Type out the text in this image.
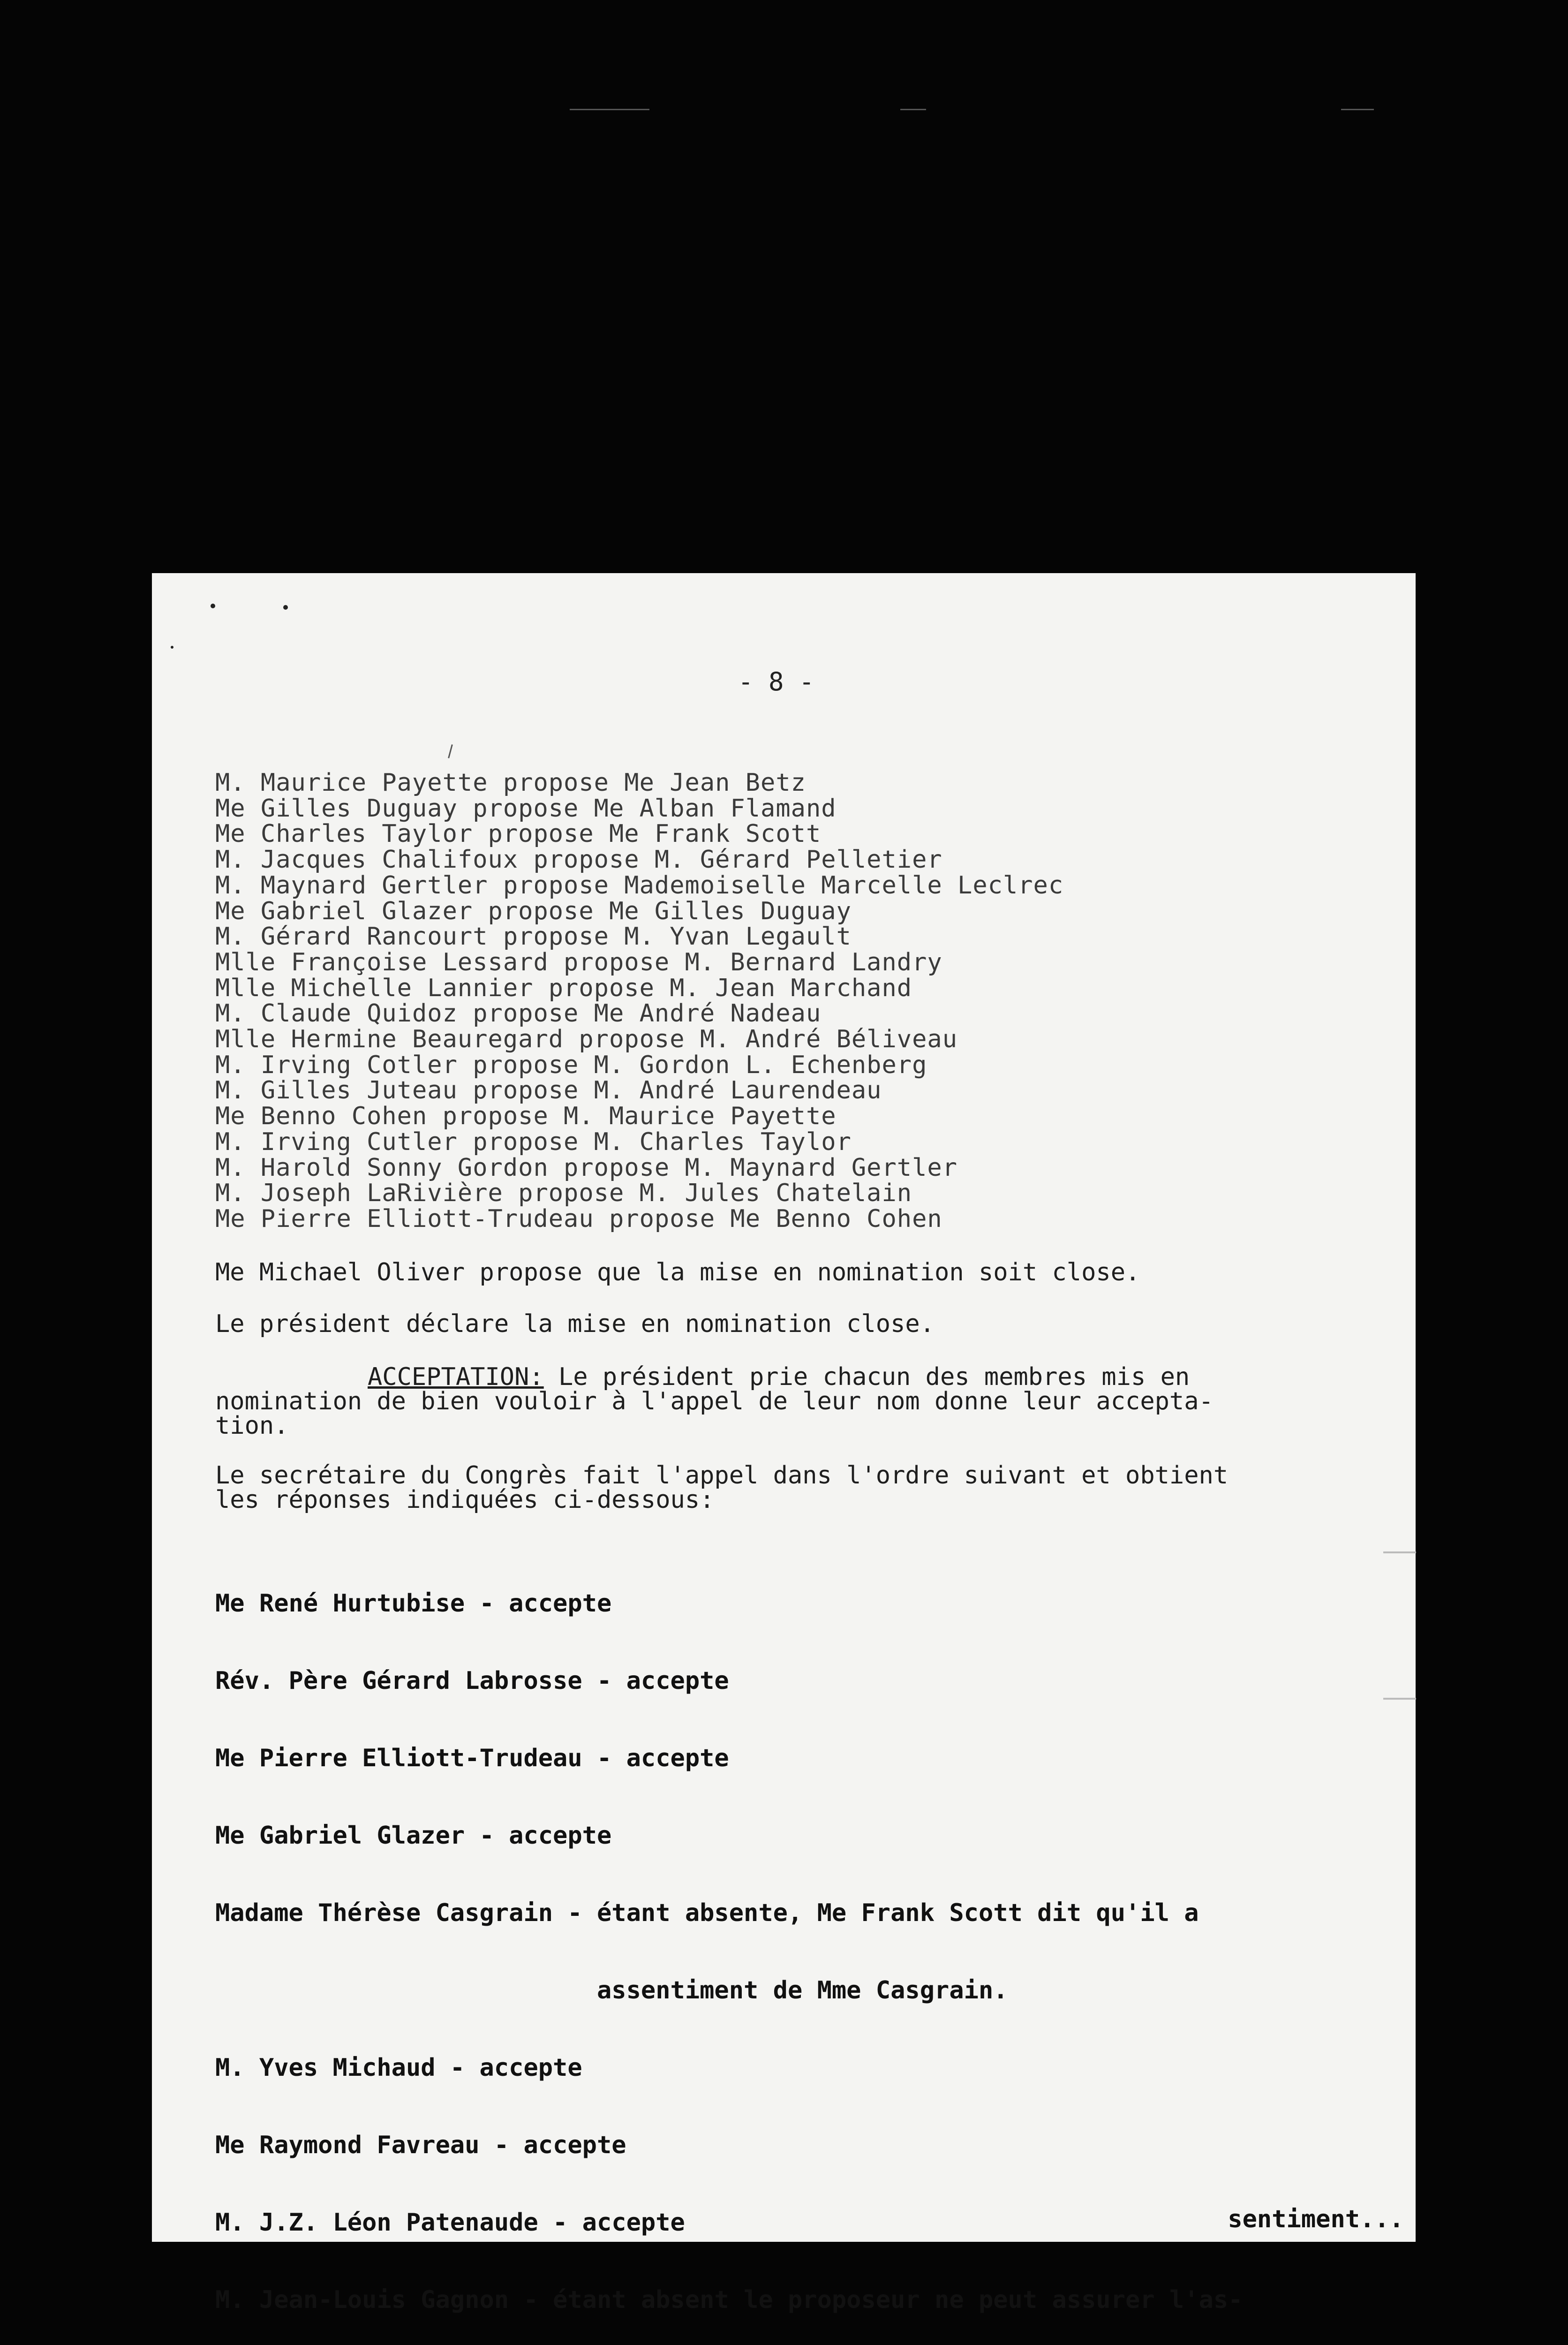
- 8 -
M. Maurice Payette propose Me Jean Betz
Me Gilles Duguay propose Me Alban Flamand
Me Charles Taylor propose Me Frank Scott
M. Jacques Chalifoux propose M. Gérard Pelletier
M. Maynard Gertler propose Mademoiselle Marcelle Leclrec
Me Gabriel Glazer propose Me Gilles Duguay
M. Gérard Rancourt propose M. Yvan Legault
Mlle Françoise Lessard propose M. Bernard Landry
Mlle Michelle Lannier propose M. Jean Marchand
M. Claude Quidoz propose Me André Nadeau
Mlle Hermine Beauregard propose M. André Béliveau
M. Irving Cotler propose M. Gordon L. Echenberg
M. Gilles Juteau propose M. André Laurendeau
Me Benno Cohen propose M. Maurice Payette
M. Irving Cutler propose M. Charles Taylor
M. Harold Sonny Gordon propose M. Maynard Gertler
M. Joseph LaRivière propose M. Jules Chatelain
Me Pierre Elliott-Trudeau propose Me Benno Cohen

Me Michael Oliver propose que la mise en nomination soit close.

Le président déclare la mise en nomination close.

ACCEPTATION: Le président prie chacun des membres mis en

nomination de bien vouloir à l'appel de leur nom donne leur accepta-

tion.

Le secrétaire du Congrès fait l'appel dans l'ordre suivant et obtient

les réponses indiquées ci-dessous:

Me René Hurtubise - accepte

Rév. Père Gérard Labrosse - accepte

Me Pierre Elliott-Trudeau - accepte

Me Gabriel Glazer - accepte

Madame Thérèse Casgrain - étant absente, Me Frank Scott dit qu'il a

assentiment de Mme Casgrain.

M. Yves Michaud - accepte

Me Raymond Favreau - accepte

M. J.Z. Léon Patenaude - accepte

M. Jean-Louis Gagnon - étant absent le proposeur ne peut assurer l'as-

sentiment...
